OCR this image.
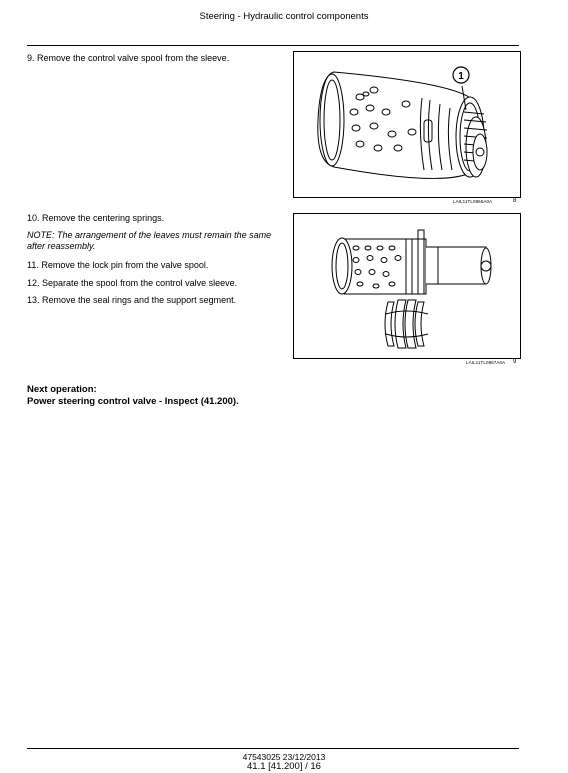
Steering - Hydraulic control components
9. Remove the control valve spool from the sleeve.
1
LAIL11TL0866A0A	8
10. Remove the centering springs.
NOTE: The arrangement of the leaves must remain the same after reassembly.
11. Remove the lock pin from the valve spool.
12. Separate the spool from the control valve sleeve.
13. Remove the seal rings and the support segment.
LAIL11TL0867A0A 9
Next operation:
Power steering control valve - Inspect (41.200).
47543025 23/12/2013
41.1 [41.200] / 16
